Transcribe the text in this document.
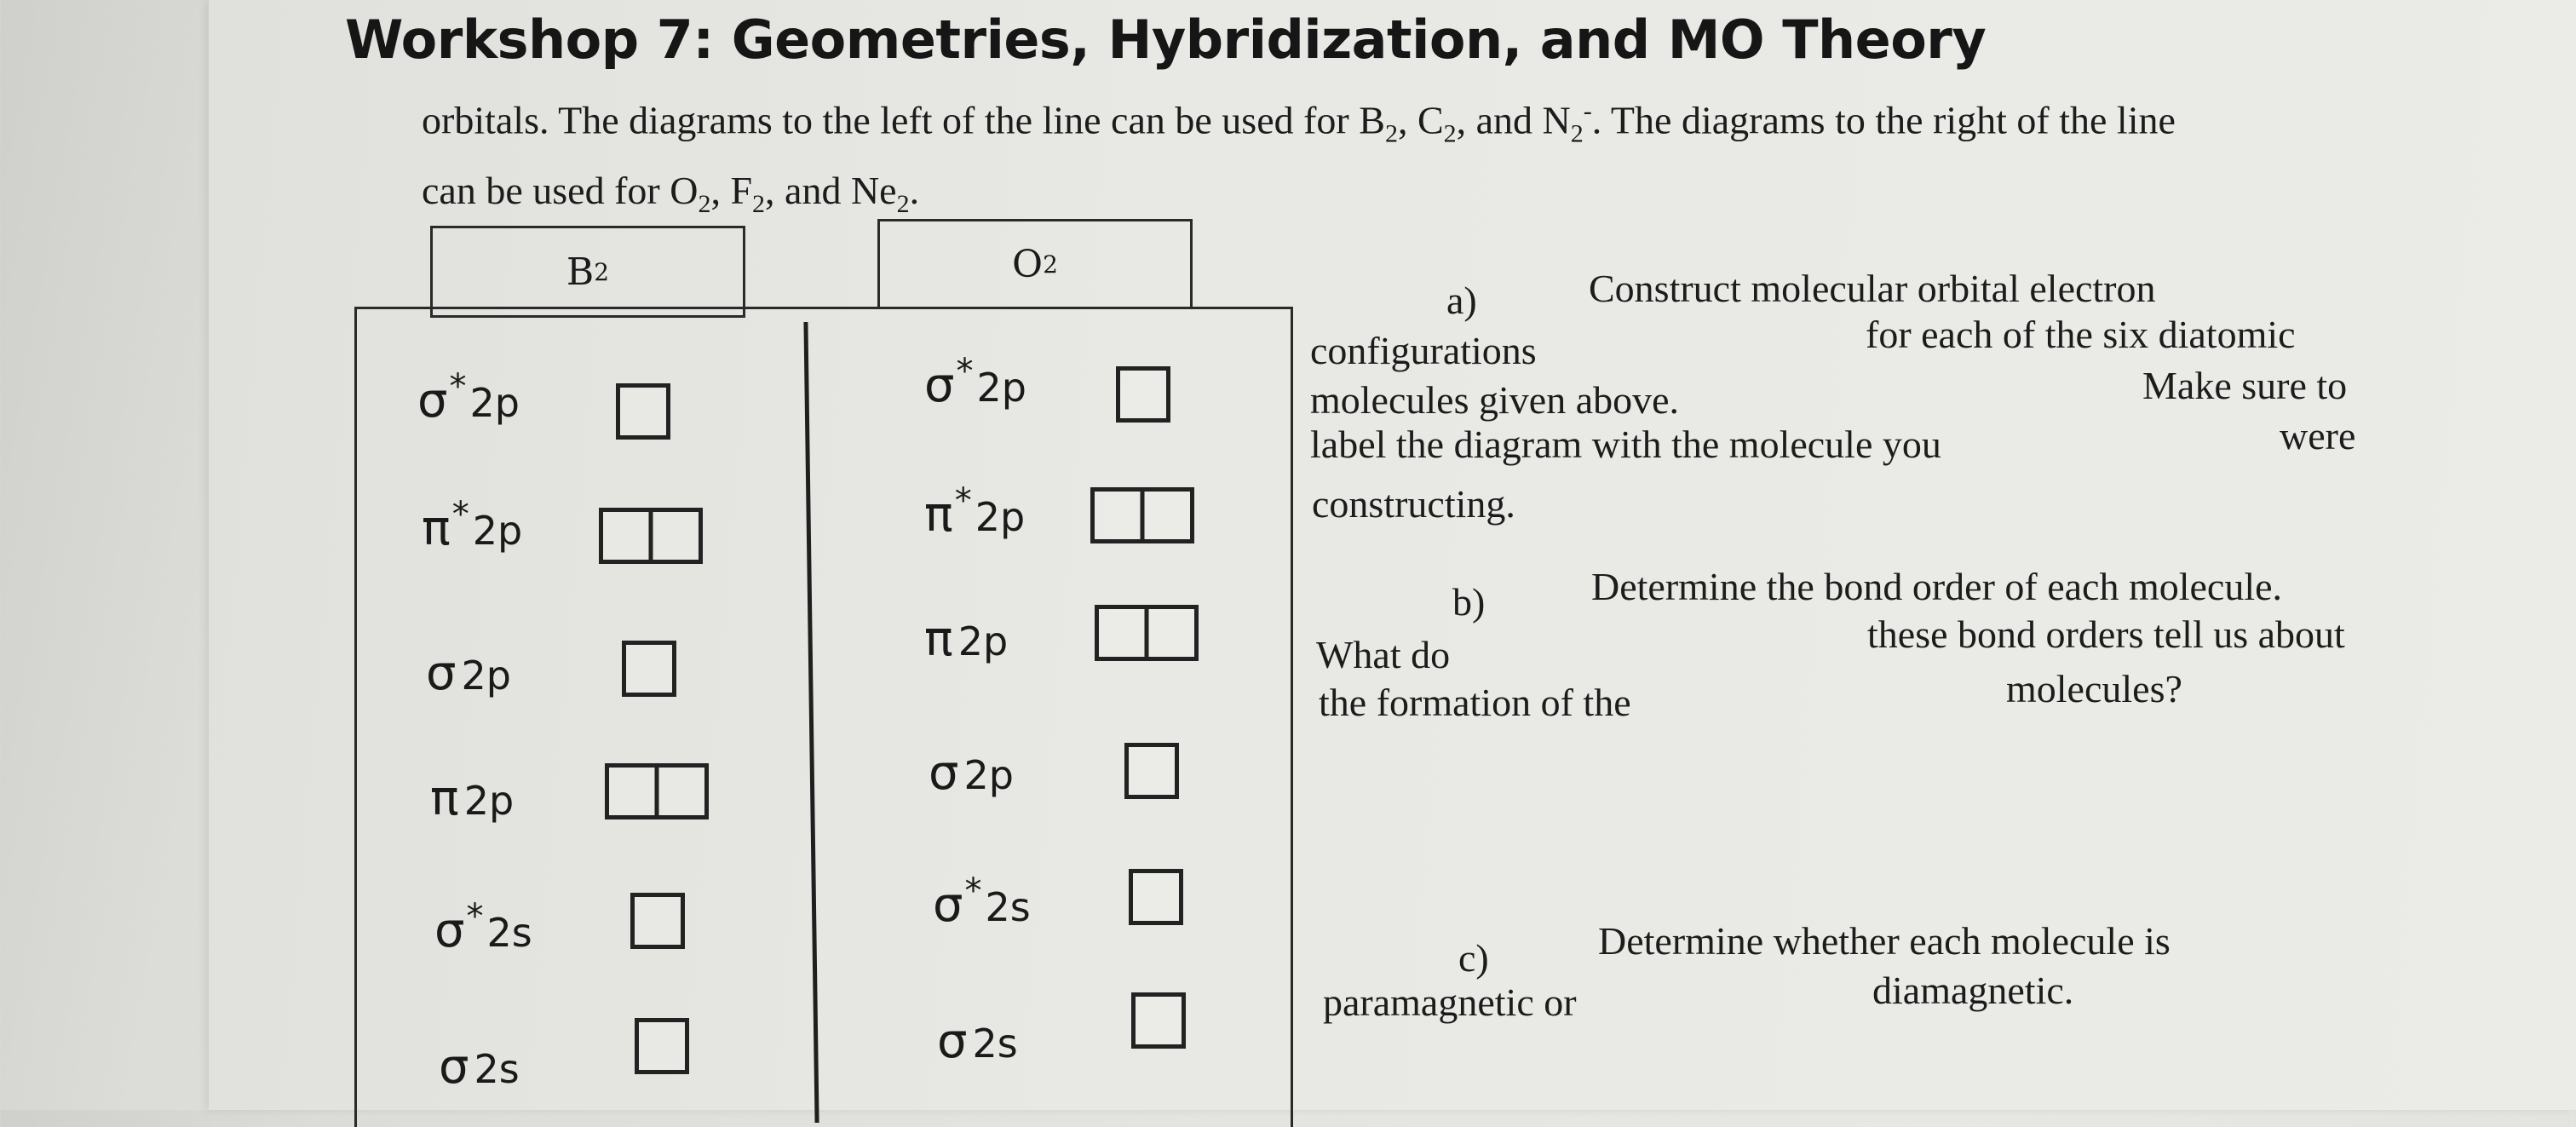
Workshop 7: Geometries, Hybridization, and MO Theory
orbitals. The diagrams to the left of the line can be used for $B_2$, $C_2$, and $N_2^-$. The diagrams to the right of the line
can be used for $O_2$, $F_2$, and $Ne_2$.
B 2	O 2
σ*2p
π*2p
σ 2p
π 2p
σ*2s
σ 2s
σ*2p
π*2p
π 2p
σ 2p
σ*2s
σ 2s
a)	Construct molecular orbital electron
configurations	for each of the six diatomic
molecules given above.	Make sure to
label the diagram with the molecule you	were
constructing.
b)	Determine the bond order of each molecule.
What do	these bond orders tell us about
the formation of the	molecules?
c)	Determine whether each molecule is
paramagnetic or	diamagnetic.
